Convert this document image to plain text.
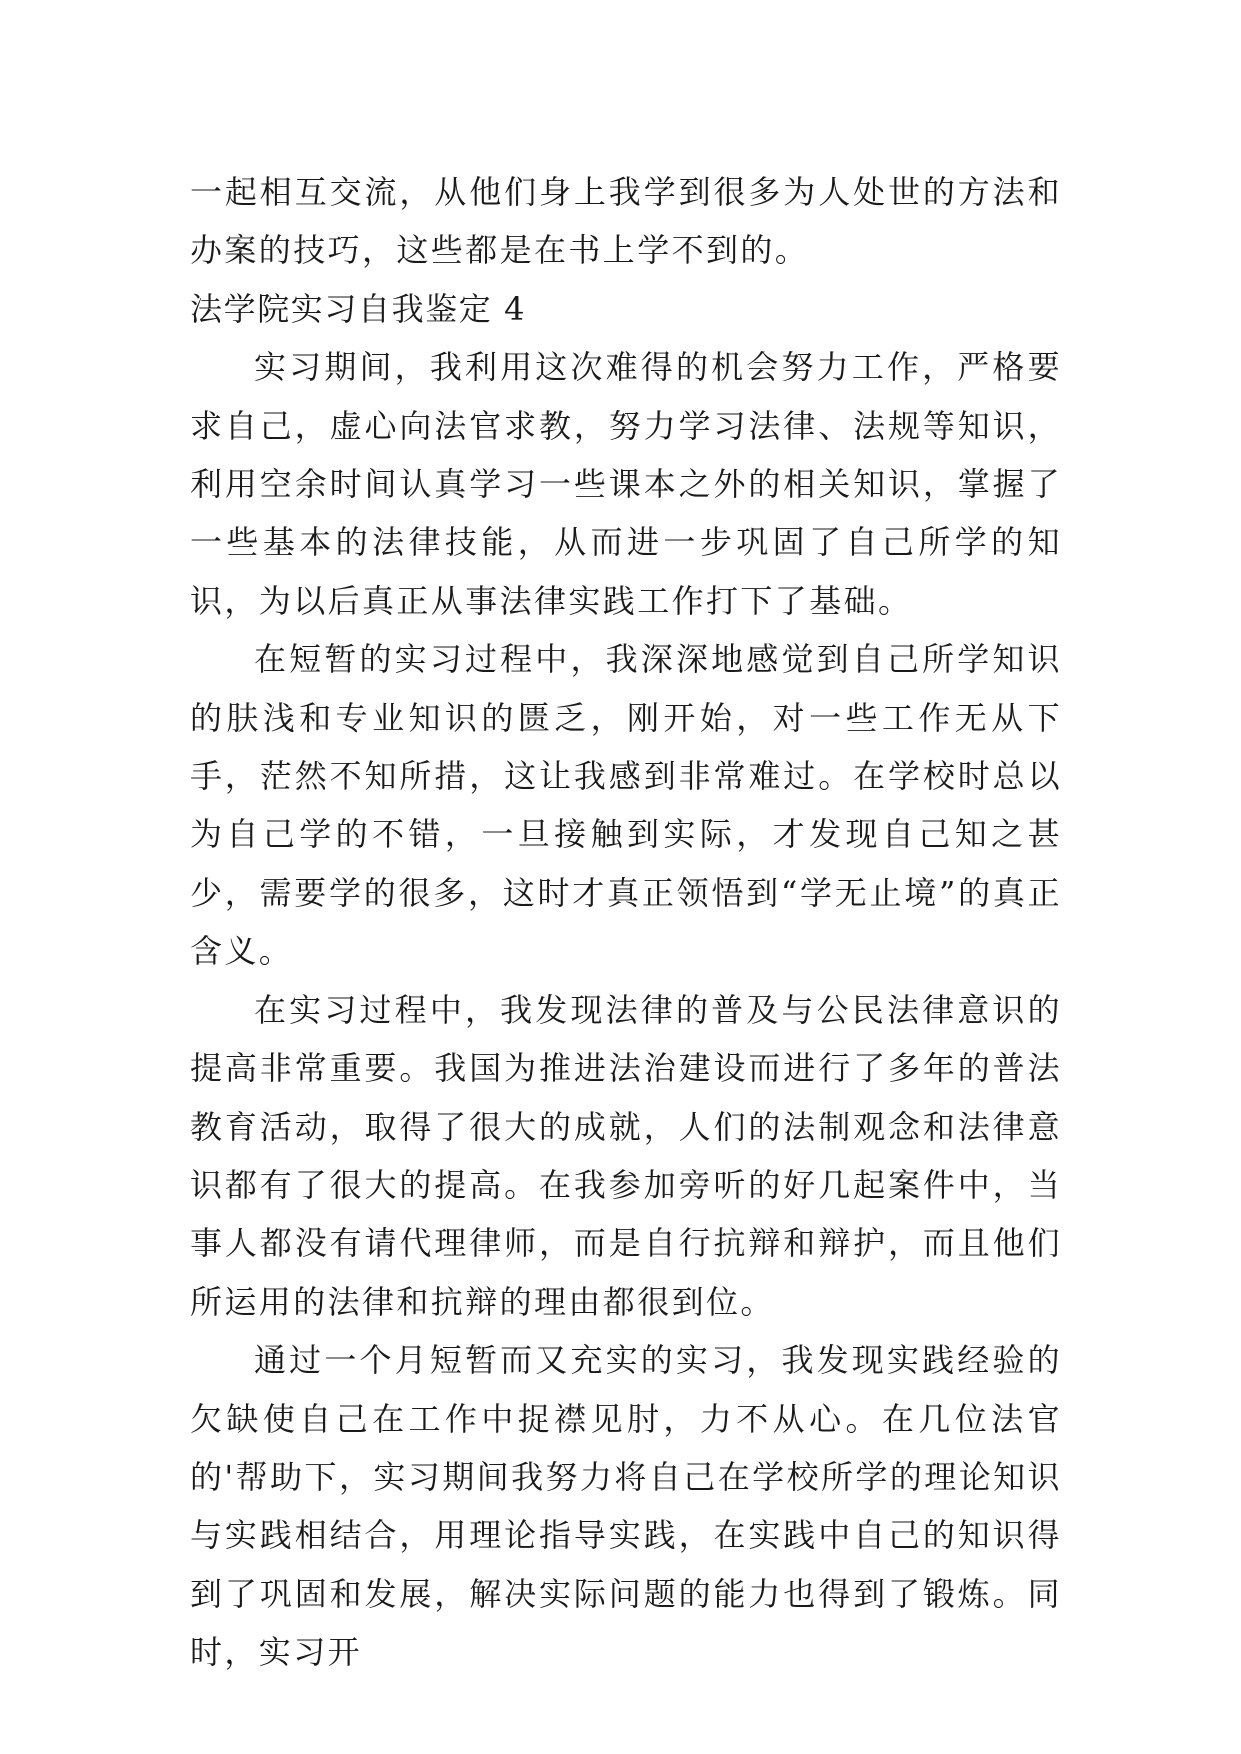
一起相互交流，从他们身上我学到很多为人处世的方法和办案的技巧，这些都是在书上学不到的。

法学院实习自我鉴定 4

实习期间，我利用这次难得的机会努力工作，严格要求自己，虚心向法官求教，努力学习法律、法规等知识，利用空余时间认真学习一些课本之外的相关知识，掌握了一些基本的法律技能，从而进一步巩固了自己所学的知识，为以后真正从事法律实践工作打下了基础。

在短暂的实习过程中，我深深地感觉到自己所学知识的肤浅和专业知识的匮乏，刚开始，对一些工作无从下手，茫然不知所措，这让我感到非常难过。在学校时总以为自己学的不错，一旦接触到实际，才发现自己知之甚少，需要学的很多，这时才真正领悟到“学无止境”的真正含义。

在实习过程中，我发现法律的普及与公民法律意识的提高非常重要。我国为推进法治建设而进行了多年的普法教育活动，取得了很大的成就，人们的法制观念和法律意识都有了很大的提高。在我参加旁听的好几起案件中，当事人都没有请代理律师，而是自行抗辩和辩护，而且他们所运用的法律和抗辩的理由都很到位。

通过一个月短暂而又充实的实习，我发现实践经验的欠缺使自己在工作中捉襟见肘，力不从心。在几位法官的'帮助下，实习期间我努力将自己在学校所学的理论知识与实践相结合，用理论指导实践，在实践中自己的知识得到了巩固和发展，解决实际问题的能力也得到了锻炼。同时，实习开
